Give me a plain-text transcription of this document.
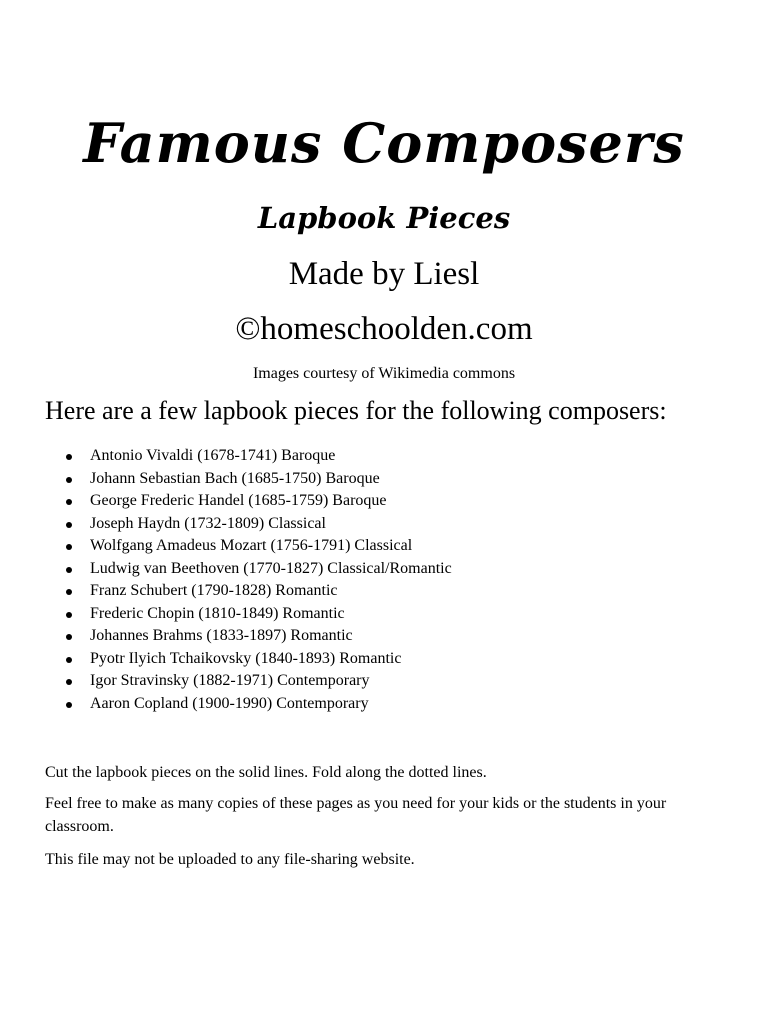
Famous Composers
Lapbook Pieces
Made by Liesl
©homeschoolden.com
Images courtesy of Wikimedia commons
Here are a few lapbook pieces for the following composers:
Antonio Vivaldi (1678-1741) Baroque
Johann Sebastian Bach (1685-1750) Baroque
George Frederic Handel (1685-1759) Baroque
Joseph Haydn (1732-1809) Classical
Wolfgang Amadeus Mozart (1756-1791) Classical
Ludwig van Beethoven (1770-1827) Classical/Romantic
Franz Schubert (1790-1828) Romantic
Frederic Chopin (1810-1849) Romantic
Johannes Brahms (1833-1897) Romantic
Pyotr Ilyich Tchaikovsky (1840-1893) Romantic
Igor Stravinsky (1882-1971) Contemporary
Aaron Copland (1900-1990) Contemporary

Cut the lapbook pieces on the solid lines. Fold along the dotted lines.

Feel free to make as many copies of these pages as you need for your kids or the students in your classroom.

This file may not be uploaded to any file-sharing website.
